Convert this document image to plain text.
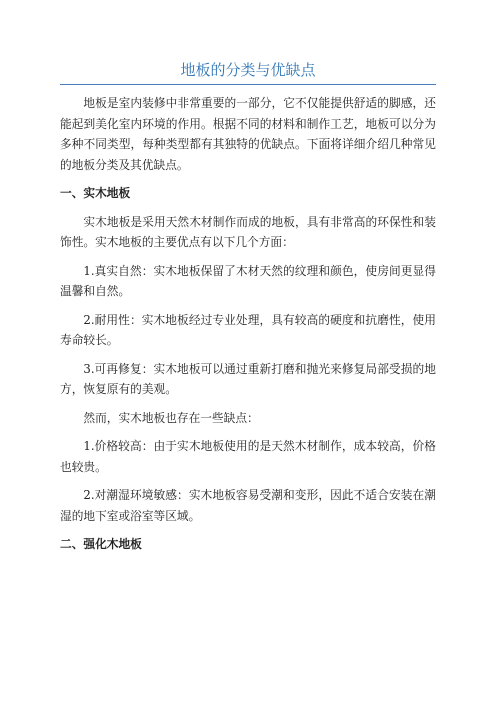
地板的分类与优缺点

地板是室内装修中非常重要的一部分，它不仅能提供舒适的脚感，还能起到美化室内环境的作用。根据不同的材料和制作工艺，地板可以分为多种不同类型，每种类型都有其独特的优缺点。下面将详细介绍几种常见的地板分类及其优缺点。

一、实木地板

实木地板是采用天然木材制作而成的地板，具有非常高的环保性和装饰性。实木地板的主要优点有以下几个方面：

1.真实自然：实木地板保留了木材天然的纹理和颜色，使房间更显得温馨和自然。

2.耐用性：实木地板经过专业处理，具有较高的硬度和抗磨性，使用寿命较长。

3.可再修复：实木地板可以通过重新打磨和抛光来修复局部受损的地方，恢复原有的美观。

然而，实木地板也存在一些缺点：

1.价格较高：由于实木地板使用的是天然木材制作，成本较高，价格也较贵。

2.对潮湿环境敏感：实木地板容易受潮和变形，因此不适合安装在潮湿的地下室或浴室等区域。

二、强化木地板
